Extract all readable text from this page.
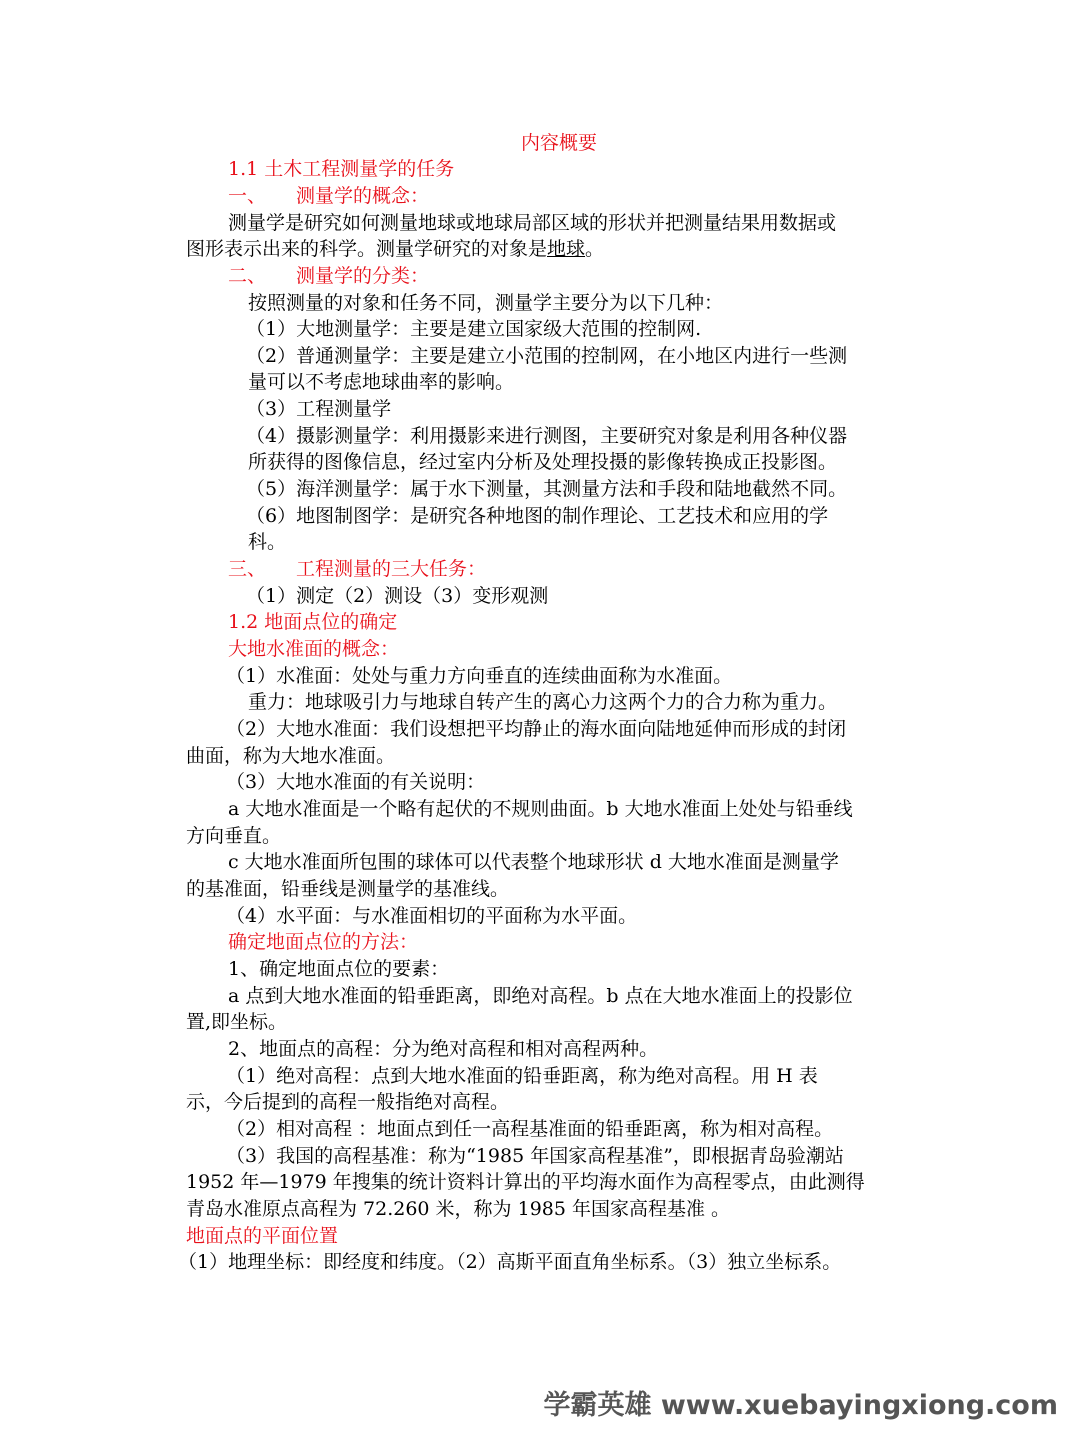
内容概要

1.1 土木工程测量学的任务

一、 测量学的概念：

测量学是研究如何测量地球或地球局部区域的形状并把测量结果用数据或

图形表示出来的科学。测量学研究的对象是地球。

二、 测量学的分类：

按照测量的对象和任务不同，测量学主要分为以下几种：

（1）大地测量学：主要是建立国家级大范围的控制网.

（2）普通测量学：主要是建立小范围的控制网，在小地区内进行一些测

量可以不考虑地球曲率的影响。

（3）工程测量学

（4）摄影测量学：利用摄影来进行测图，主要研究对象是利用各种仪器

所获得的图像信息，经过室内分析及处理投摄的影像转换成正投影图。

（5）海洋测量学：属于水下测量，其测量方法和手段和陆地截然不同。

（6）地图制图学：是研究各种地图的制作理论、工艺技术和应用的学

科。

三、 工程测量的三大任务：

（1）测定（2）测设（3）变形观测

1.2 地面点位的确定

大地水准面的概念：

（1）水准面：处处与重力方向垂直的连续曲面称为水准面。

重力：地球吸引力与地球自转产生的离心力这两个力的合力称为重力。

（2）大地水准面：我们设想把平均静止的海水面向陆地延伸而形成的封闭

曲面，称为大地水准面。

（3）大地水准面的有关说明：

a 大地水准面是一个略有起伏的不规则曲面。b 大地水准面上处处与铅垂线

方向垂直。

c 大地水准面所包围的球体可以代表整个地球形状 d 大地水准面是测量学

的基准面，铅垂线是测量学的基准线。

（4）水平面：与水准面相切的平面称为水平面。

确定地面点位的方法：

1、确定地面点位的要素：

a 点到大地水准面的铅垂距离，即绝对高程。b 点在大地水准面上的投影位

置,即坐标。

2、地面点的高程：分为绝对高程和相对高程两种。

（1）绝对高程：点到大地水准面的铅垂距离，称为绝对高程。用 H 表

示，今后提到的高程一般指绝对高程。

（2）相对高程 ：地面点到任一高程基准面的铅垂距离，称为相对高程。

（3）我国的高程基准：称为“1985 年国家高程基准”，即根据青岛验潮站

1952 年—1979 年搜集的统计资料计算出的平均海水面作为高程零点，由此测得

青岛水准原点高程为 72.260 米，称为 1985 年国家高程基准 。

地面点的平面位置

（1）地理坐标：即经度和纬度。（2）高斯平面直角坐标系。（3）独立坐标系。

学霸英雄 www.xuebayingxiong.com
